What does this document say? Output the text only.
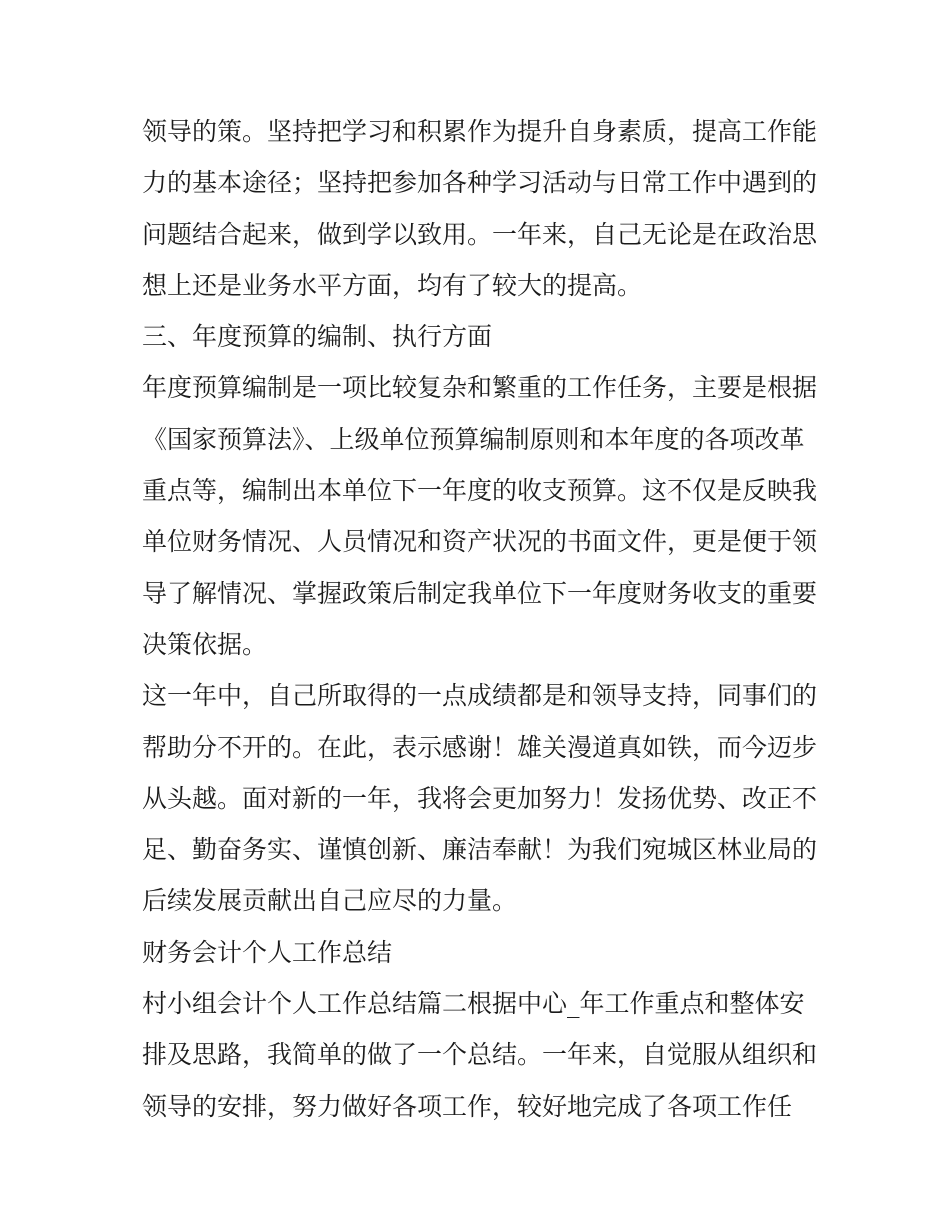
领导的策。坚持把学习和积累作为提升自身素质，提高工作能
力的基本途径；坚持把参加各种学习活动与日常工作中遇到的
问题结合起来，做到学以致用。一年来，自己无论是在政治思
想上还是业务水平方面，均有了较大的提高。
三、年度预算的编制、执行方面
年度预算编制是一项比较复杂和繁重的工作任务，主要是根据
《国家预算法》、上级单位预算编制原则和本年度的各项改革
重点等，编制出本单位下一年度的收支预算。这不仅是反映我
单位财务情况、人员情况和资产状况的书面文件，更是便于领
导了解情况、掌握政策后制定我单位下一年度财务收支的重要
决策依据。
这一年中，自己所取得的一点成绩都是和领导支持，同事们的
帮助分不开的。在此，表示感谢！雄关漫道真如铁，而今迈步
从头越。面对新的一年，我将会更加努力！发扬优势、改正不
足、勤奋务实、谨慎创新、廉洁奉献！为我们宛城区林业局的
后续发展贡献出自己应尽的力量。
财务会计个人工作总结
村小组会计个人工作总结篇二根据中心_年工作重点和整体安
排及思路，我简单的做了一个总结。一年来，自觉服从组织和
领导的安排，努力做好各项工作，较好地完成了各项工作任
